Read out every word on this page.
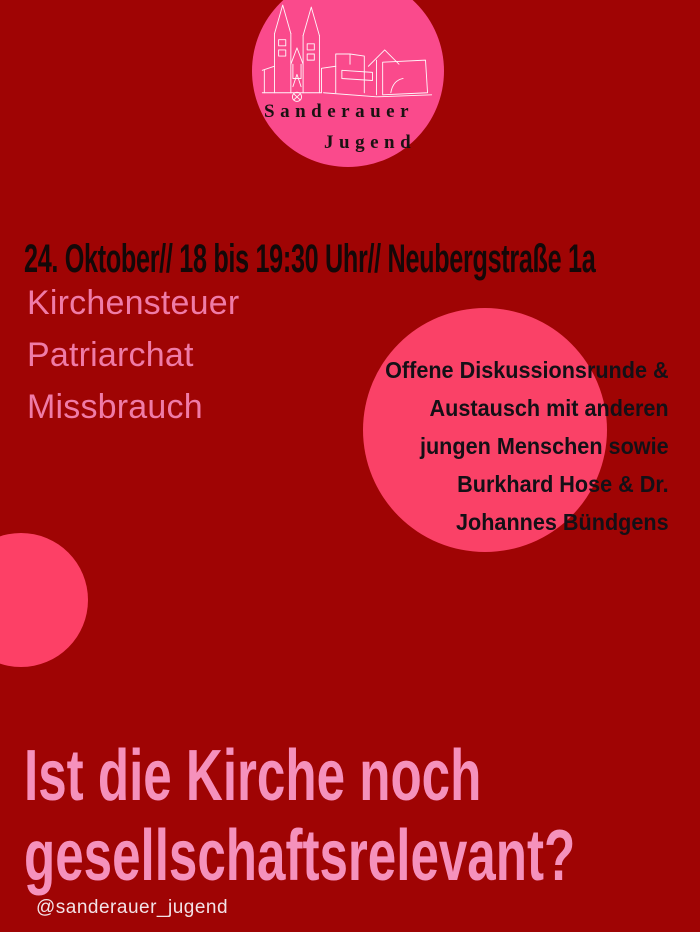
Sanderauer
Jugend
24. Oktober// 18 bis 19:30 Uhr// Neubergstraße 1a
Kirchensteuer
Patriarchat
Missbrauch
Offene Diskussionsrunde &
Austausch mit anderen
jungen Menschen sowie
Burkhard Hose & Dr.
Johannes Bündgens
Ist die Kirche noch
gesellschaftsrelevant?
@sanderauer_jugend
